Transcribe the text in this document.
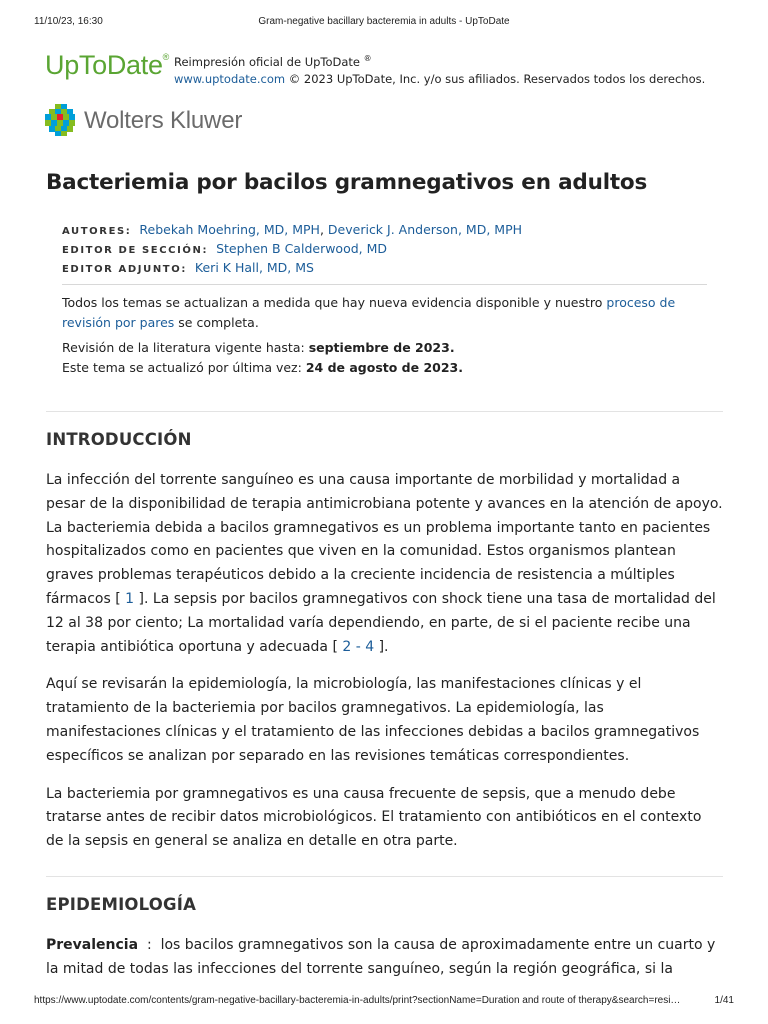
11/10/23, 16:30	Gram-negative bacillary bacteremia in adults - UpToDate
UpToDate® Reimpresión oficial de UpToDate ®
www.uptodate.com © 2023 UpToDate, Inc. y/o sus afiliados. Reservados todos los derechos.
Wolters Kluwer
Bacteriemia por bacilos gramnegativos en adultos
AUTORES: Rebekah Moehring, MD, MPH, Deverick J. Anderson, MD, MPH
EDITOR DE SECCIÓN: Stephen B Calderwood, MD
EDITOR ADJUNTO: Keri K Hall, MD, MS

Todos los temas se actualizan a medida que hay nueva evidencia disponible y nuestro proceso de revisión por pares se completa.

Revisión de la literatura vigente hasta: septiembre de 2023.
Este tema se actualizó por última vez: 24 de agosto de 2023.
INTRODUCCIÓN

La infección del torrente sanguíneo es una causa importante de morbilidad y mortalidad a pesar de la disponibilidad de terapia antimicrobiana potente y avances en la atención de apoyo. La bacteriemia debida a bacilos gramnegativos es un problema importante tanto en pacientes hospitalizados como en pacientes que viven en la comunidad. Estos organismos plantean graves problemas terapéuticos debido a la creciente incidencia de resistencia a múltiples fármacos [ 1 ]. La sepsis por bacilos gramnegativos con shock tiene una tasa de mortalidad del 12 al 38 por ciento; La mortalidad varía dependiendo, en parte, de si el paciente recibe una terapia antibiótica oportuna y adecuada [ 2 - 4 ].

Aquí se revisarán la epidemiología, la microbiología, las manifestaciones clínicas y el tratamiento de la bacteriemia por bacilos gramnegativos. La epidemiología, las manifestaciones clínicas y el tratamiento de las infecciones debidas a bacilos gramnegativos específicos se analizan por separado en las revisiones temáticas correspondientes.

La bacteriemia por gramnegativos es una causa frecuente de sepsis, que a menudo debe tratarse antes de recibir datos microbiológicos. El tratamiento con antibióticos en el contexto de la sepsis en general se analiza en detalle en otra parte.

EPIDEMIOLOGÍA

Prevalencia  :  los bacilos gramnegativos son la causa de aproximadamente entre un cuarto y la mitad de todas las infecciones del torrente sanguíneo, según la región geográfica, si la

https://www.uptodate.com/contents/gram-negative-bacillary-bacteremia-in-adults/print?sectionName=Duration and route of therapy&search=resi…	1/41
